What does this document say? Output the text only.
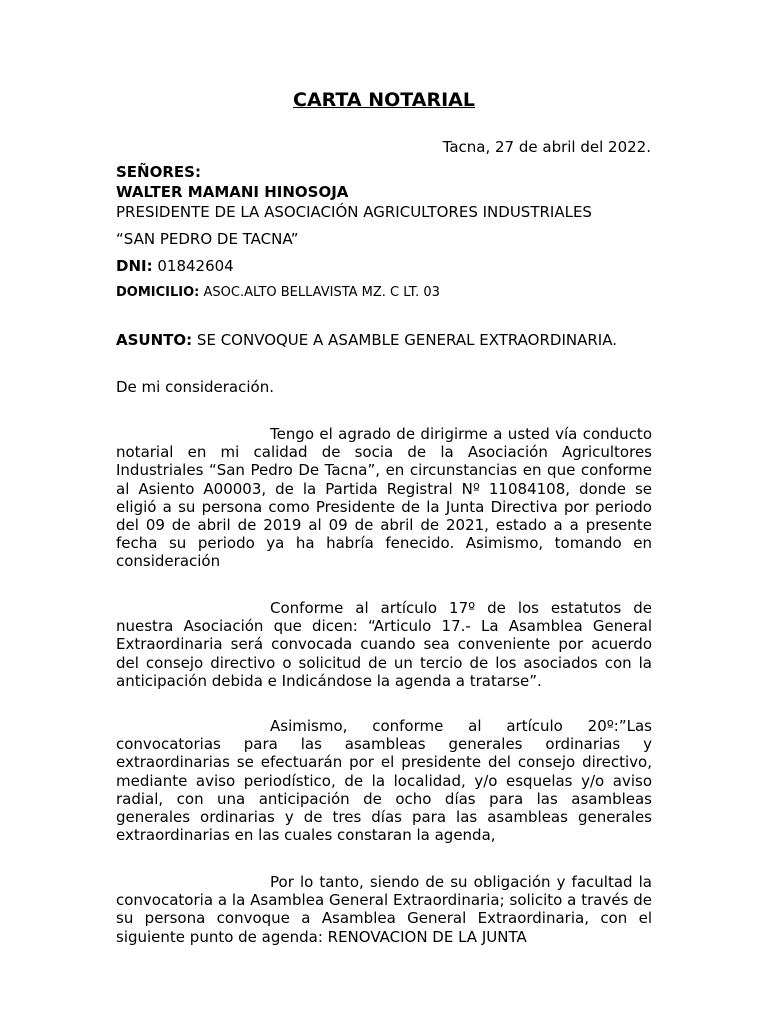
CARTA NOTARIAL
Tacna, 27 de abril del 2022.
SEÑORES:
WALTER MAMANI HINOSOJA
PRESIDENTE DE LA ASOCIACIÓN AGRICULTORES INDUSTRIALES
“SAN PEDRO DE TACNA”
DNI: 01842604
DOMICILIO: ASOC.ALTO BELLAVISTA MZ. C LT. 03
ASUNTO: SE CONVOQUE A ASAMBLE GENERAL EXTRAORDINARIA.
De mi consideración.

Tengo el agrado de dirigirme a usted vía conducto notarial en mi calidad de socia de la Asociación Agricultores Industriales “San Pedro De Tacna”, en circunstancias en que conforme al Asiento A00003, de la Partida Registral Nº 11084108, donde se eligió a su persona como Presidente de la Junta Directiva por periodo del 09 de abril de 2019 al 09 de abril de 2021, estado a a presente fecha su periodo ya ha habría fenecido. Asimismo, tomando en consideración

Conforme al artículo 17º de los estatutos de nuestra Asociación que dicen: “Articulo 17.- La Asamblea General Extraordinaria será convocada cuando sea conveniente por acuerdo del consejo directivo o solicitud de un tercio de los asociados con la anticipación debida e Indicándose la agenda a tratarse”.

Asimismo, conforme al artículo 20º:”Las convocatorias para las asambleas generales ordinarias y extraordinarias se efectuarán por el presidente del consejo directivo, mediante aviso periodístico, de la localidad, y/o esquelas y/o aviso radial, con una anticipación de ocho días para las asambleas generales ordinarias y de tres días para las asambleas generales extraordinarias en las cuales constaran la agenda,

Por lo tanto, siendo de su obligación y facultad la convocatoria a la Asamblea General Extraordinaria; solicito a través de su persona convoque a Asamblea General Extraordinaria, con el siguiente punto de agenda: RENOVACION DE LA JUNTA
